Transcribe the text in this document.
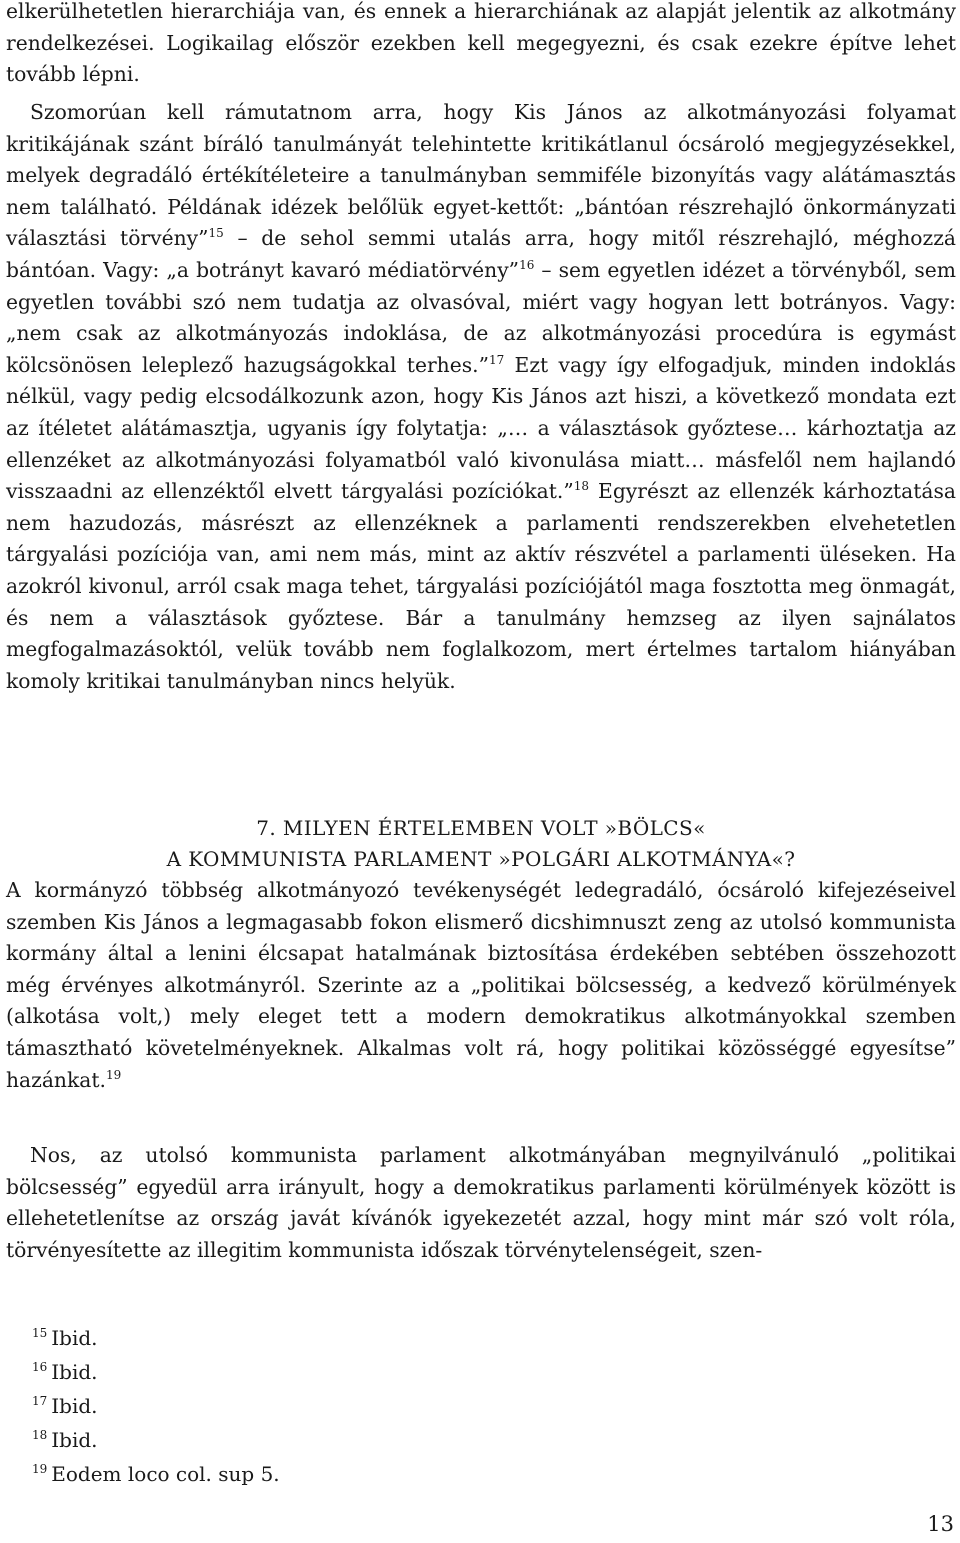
elkerülhetetlen hierarchiája van, és ennek a hierarchiának az alapját jelentik az alkotmány rendelkezései. Logikailag először ezekben kell megegyezni, és csak ezekre építve lehet tovább lépni.

Szomorúan kell rámutatnom arra, hogy Kis János az alkotmányozási folyamat kritikájának szánt bíráló tanulmányát telehintette kritikátlanul ócsároló megjegyzésekkel, melyek degradáló értékítéleteire a tanulmányban semmiféle bizonyítás vagy alátámasztás nem található. Példának idézek belőlük egyet-kettőt: „bántóan részrehajló önkormányzati választási törvény”$^{15}$ – de sehol semmi utalás arra, hogy mitől részrehajló, méghozzá bántóan. Vagy: „a botrányt kavaró médiatörvény”$^{16}$ – sem egyetlen idézet a törvényből, sem egyetlen további szó nem tudatja az olvasóval, miért vagy hogyan lett botrányos. Vagy: „nem csak az alkotmányozás indoklása, de az alkotmányozási procedúra is egymást kölcsönösen leleplező hazugságokkal terhes.”$^{17}$ Ezt vagy így elfogadjuk, minden indoklás nélkül, vagy pedig elcsodálkozunk azon, hogy Kis János azt hiszi, a következő mondata ezt az ítéletet alátámasztja, ugyanis így folytatja: „… a választások győztese… kárhoztatja az ellenzéket az alkotmányozási folyamatból való kivonulása miatt… másfelől nem hajlandó visszaadni az ellenzéktől elvett tárgyalási pozíciókat.”$^{18}$ Egyrészt az ellenzék kárhoztatása nem hazudozás, másrészt az ellenzéknek a parlamenti rendszerekben elvehetetlen tárgyalási pozíciója van, ami nem más, mint az aktív részvétel a parlamenti üléseken. Ha azokról kivonul, arról csak maga tehet, tárgyalási pozíciójától maga fosztotta meg önmagát, és nem a választások győztese. Bár a tanulmány hemzseg az ilyen sajnálatos megfogalmazásoktól, velük tovább nem foglalkozom, mert értelmes tartalom hiányában komoly kritikai tanulmányban nincs helyük.

7. MILYEN ÉRTELEMBEN VOLT »BÖLCS«
A KOMMUNISTA PARLAMENT »POLGÁRI ALKOTMÁNYA«?

A kormányzó többség alkotmányozó tevékenységét ledegradáló, ócsároló kifejezéseivel szemben Kis János a legmagasabb fokon elismerő dicshimnuszt zeng az utolsó kommunista kormány által a lenini élcsapat hatalmának biztosítása érdekében sebtében összehozott még érvényes alkotmányról. Szerinte az a „politikai bölcsesség, a kedvező körülmények (alkotása volt,) mely eleget tett a modern demokratikus alkotmányokkal szemben támasztható követelményeknek. Alkalmas volt rá, hogy politikai közösséggé egyesítse” hazánkat.$^{19}$

Nos, az utolsó kommunista parlament alkotmányában megnyilvánuló „politikai bölcsesség” egyedül arra irányult, hogy a demokratikus parlamenti körülmények között is ellehetetlenítse az ország javát kívánók igyekezetét azzal, hogy mint már szó volt róla, törvényesítette az illegitim kommunista időszak törvénytelenségeit, szen-

$^{15}$ Ibid.
$^{16}$ Ibid.
$^{17}$ Ibid.
$^{18}$ Ibid.
$^{19}$ Eodem loco col. sup 5.
13
